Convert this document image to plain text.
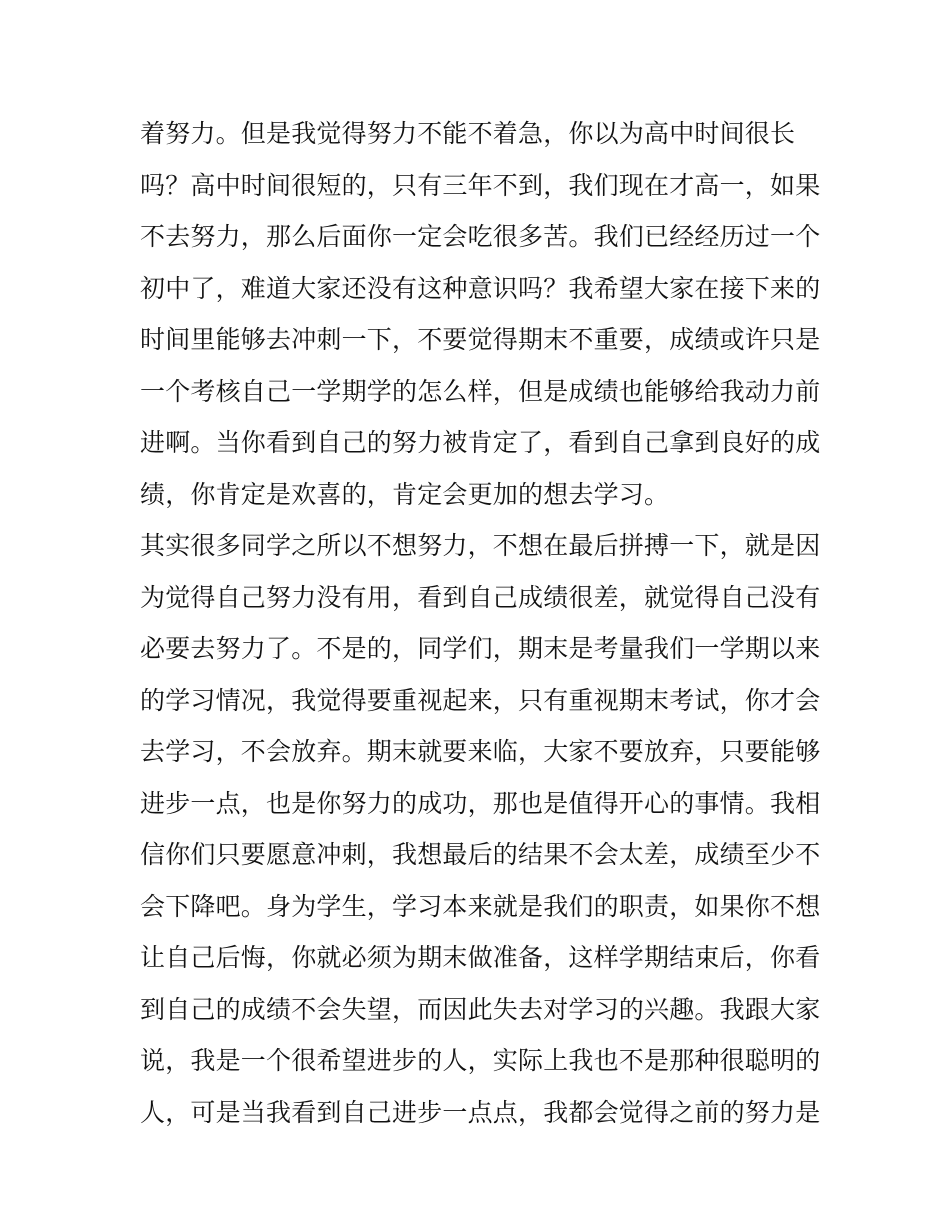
着努力。但是我觉得努力不能不着急，你以为高中时间很长
吗？高中时间很短的，只有三年不到，我们现在才高一，如果
不去努力，那么后面你一定会吃很多苦。我们已经经历过一个
初中了，难道大家还没有这种意识吗？我希望大家在接下来的
时间里能够去冲刺一下，不要觉得期末不重要，成绩或许只是
一个考核自己一学期学的怎么样，但是成绩也能够给我动力前
进啊。当你看到自己的努力被肯定了，看到自己拿到良好的成
绩，你肯定是欢喜的，肯定会更加的想去学习。
其实很多同学之所以不想努力，不想在最后拼搏一下，就是因
为觉得自己努力没有用，看到自己成绩很差，就觉得自己没有
必要去努力了。不是的，同学们，期末是考量我们一学期以来
的学习情况，我觉得要重视起来，只有重视期末考试，你才会
去学习，不会放弃。期末就要来临，大家不要放弃，只要能够
进步一点，也是你努力的成功，那也是值得开心的事情。我相
信你们只要愿意冲刺，我想最后的结果不会太差，成绩至少不
会下降吧。身为学生，学习本来就是我们的职责，如果你不想
让自己后悔，你就必须为期末做准备，这样学期结束后，你看
到自己的成绩不会失望，而因此失去对学习的兴趣。我跟大家
说，我是一个很希望进步的人，实际上我也不是那种很聪明的
人，可是当我看到自己进步一点点，我都会觉得之前的努力是
